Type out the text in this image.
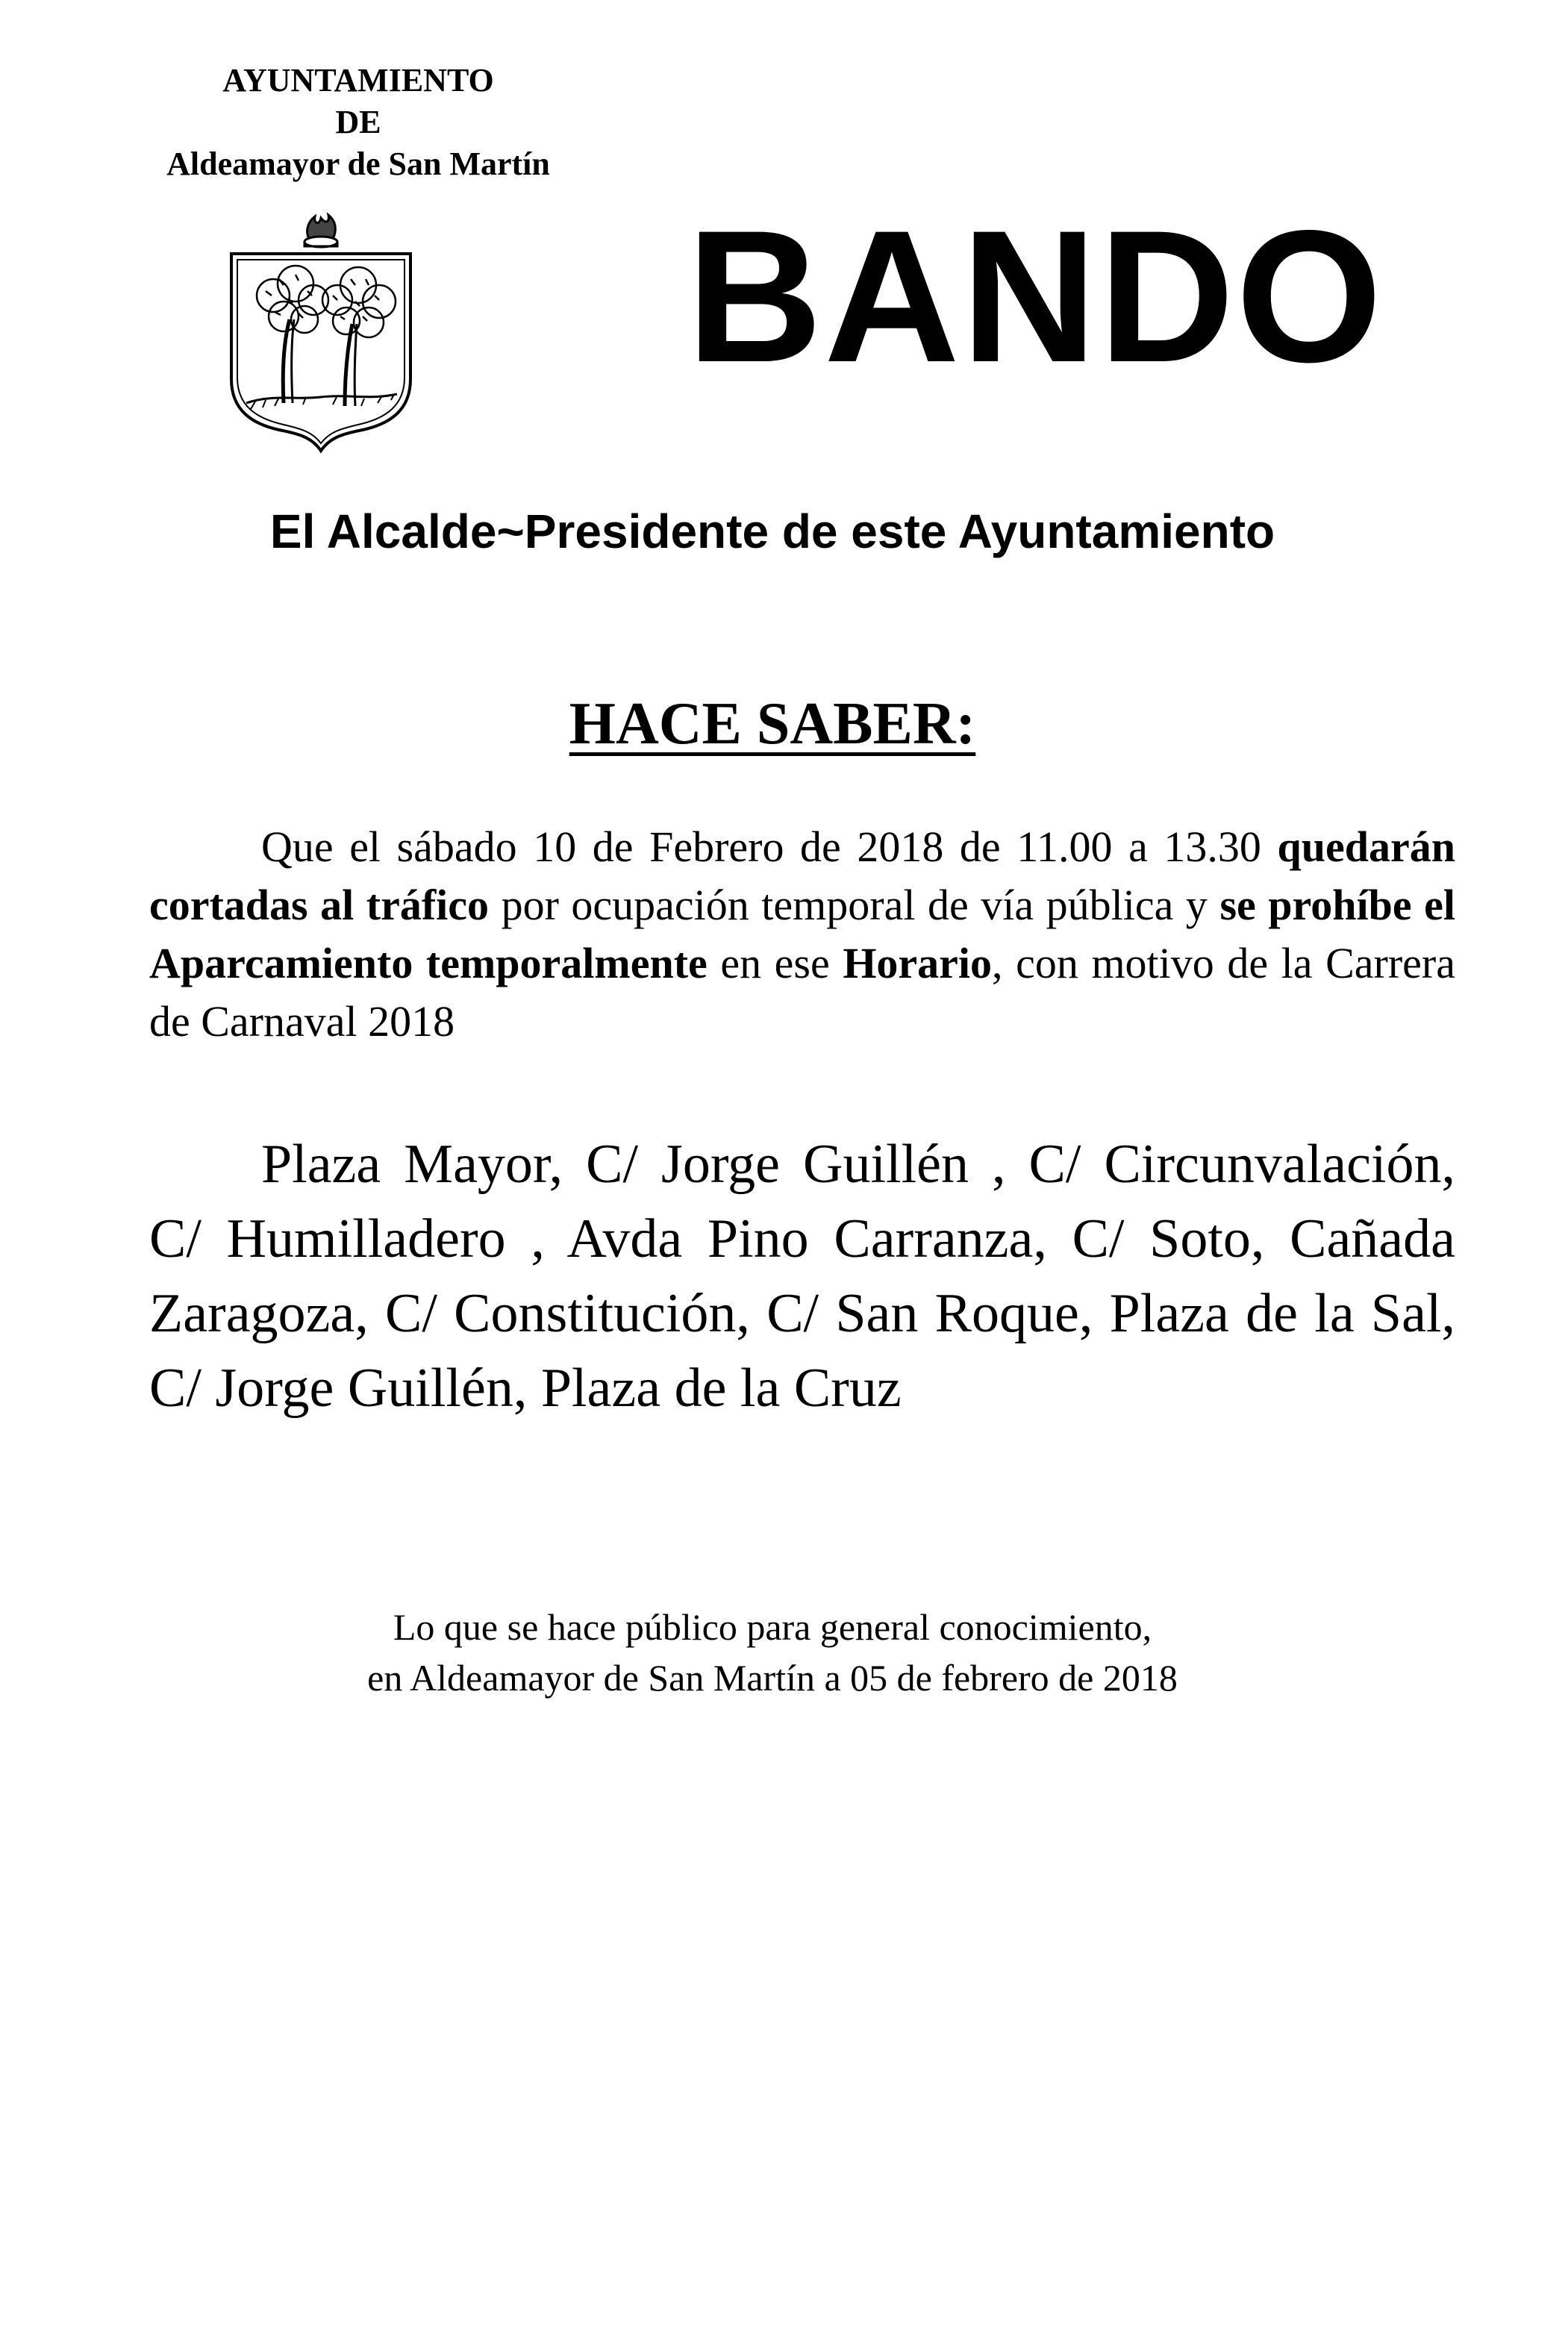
AYUNTAMIENTO
DE
Aldeamayor de San Martín
BANDO
El Alcalde~Presidente de este Ayuntamiento
HACE SABER:

Que el sábado 10 de Febrero de 2018 de 11.00 a 13.30 quedarán cortadas al tráfico por ocupación temporal de vía pública y se prohíbe el Aparcamiento temporalmente en ese Horario, con motivo de la Carrera de Carnaval 2018

Plaza Mayor, C/ Jorge Guillén , C/ Circunvalación, C/ Humilladero , Avda Pino Carranza, C/ Soto, Cañada Zaragoza, C/ Constitución, C/ San Roque, Plaza de la Sal, C/ Jorge Guillén, Plaza de la Cruz

Lo que se hace público para general conocimiento,
en Aldeamayor de San Martín a 05 de febrero de 2018
